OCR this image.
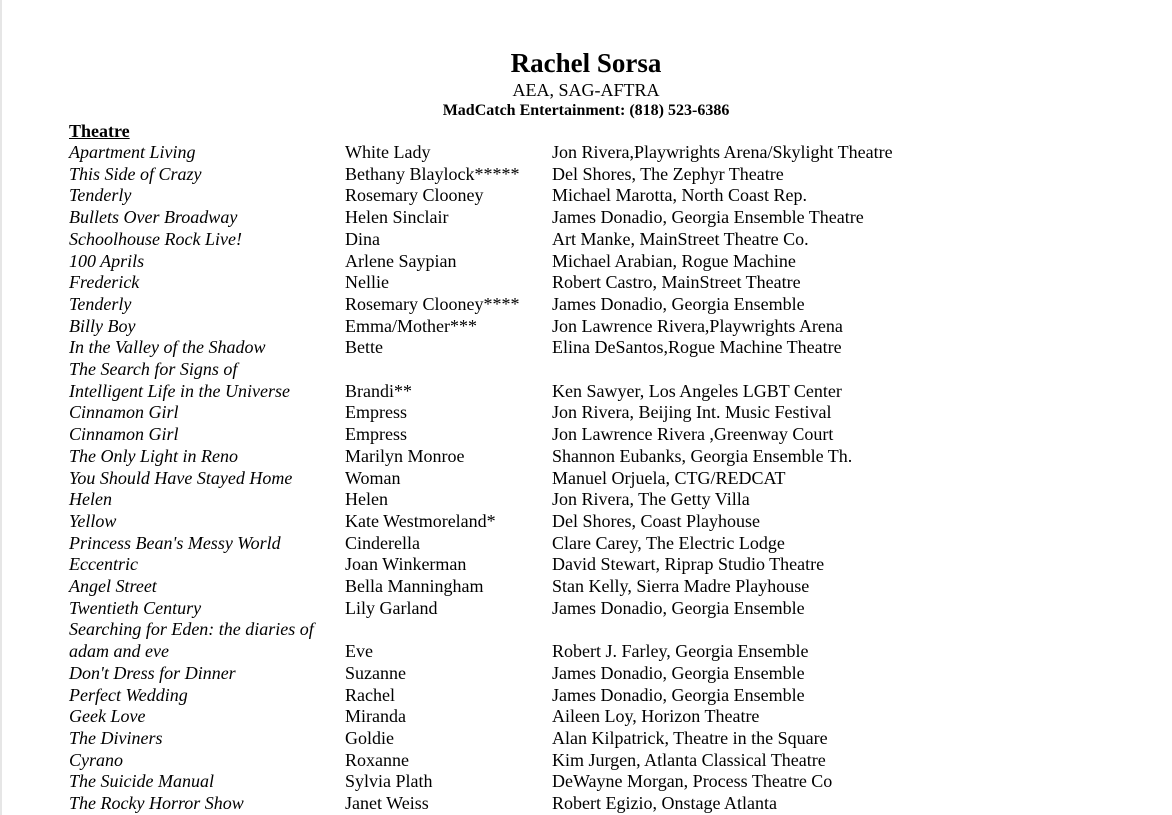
Rachel Sorsa
AEA, SAG-AFTRA
MadCatch Entertainment: (818) 523-6386
Theatre
Apartment Living	White Lady	Jon Rivera,Playwrights Arena/Skylight Theatre
This Side of Crazy	Bethany Blaylock*****	Del Shores, The Zephyr Theatre
Tenderly	Rosemary Clooney	Michael Marotta, North Coast Rep.
Bullets Over Broadway	Helen Sinclair	James Donadio, Georgia Ensemble Theatre
Schoolhouse Rock Live!	Dina	Art Manke, MainStreet Theatre Co.
100 Aprils	Arlene Saypian	Michael Arabian, Rogue Machine
Frederick	Nellie	Robert Castro, MainStreet Theatre
Tenderly	Rosemary Clooney****	James Donadio, Georgia Ensemble
Billy Boy	Emma/Mother***	Jon Lawrence Rivera,Playwrights Arena
In the Valley of the Shadow	Bette	Elina DeSantos,Rogue Machine Theatre
The Search for Signs of
Intelligent Life in the Universe	Brandi**	Ken Sawyer, Los Angeles LGBT Center
Cinnamon Girl	Empress	Jon Rivera, Beijing Int. Music Festival
Cinnamon Girl	Empress	Jon Lawrence Rivera ,Greenway Court
The Only Light in Reno	Marilyn Monroe	Shannon Eubanks, Georgia Ensemble Th.
You Should Have Stayed Home	Woman	Manuel Orjuela, CTG/REDCAT
Helen	Helen	Jon Rivera, The Getty Villa
Yellow	Kate Westmoreland*	Del Shores, Coast Playhouse
Princess Bean's Messy World	Cinderella	Clare Carey, The Electric Lodge
Eccentric	Joan Winkerman	David Stewart, Riprap Studio Theatre
Angel Street	Bella Manningham	Stan Kelly, Sierra Madre Playhouse
Twentieth Century	Lily Garland	James Donadio, Georgia Ensemble
Searching for Eden: the diaries of
adam and eve	Eve	Robert J. Farley, Georgia Ensemble
Don't Dress for Dinner	Suzanne	James Donadio, Georgia Ensemble
Perfect Wedding	Rachel	James Donadio, Georgia Ensemble
Geek Love	Miranda	Aileen Loy, Horizon Theatre
The Diviners	Goldie	Alan Kilpatrick, Theatre in the Square
Cyrano	Roxanne	Kim Jurgen, Atlanta Classical Theatre
The Suicide Manual	Sylvia Plath	DeWayne Morgan, Process Theatre Co
The Rocky Horror Show	Janet Weiss	Robert Egizio, Onstage Atlanta
